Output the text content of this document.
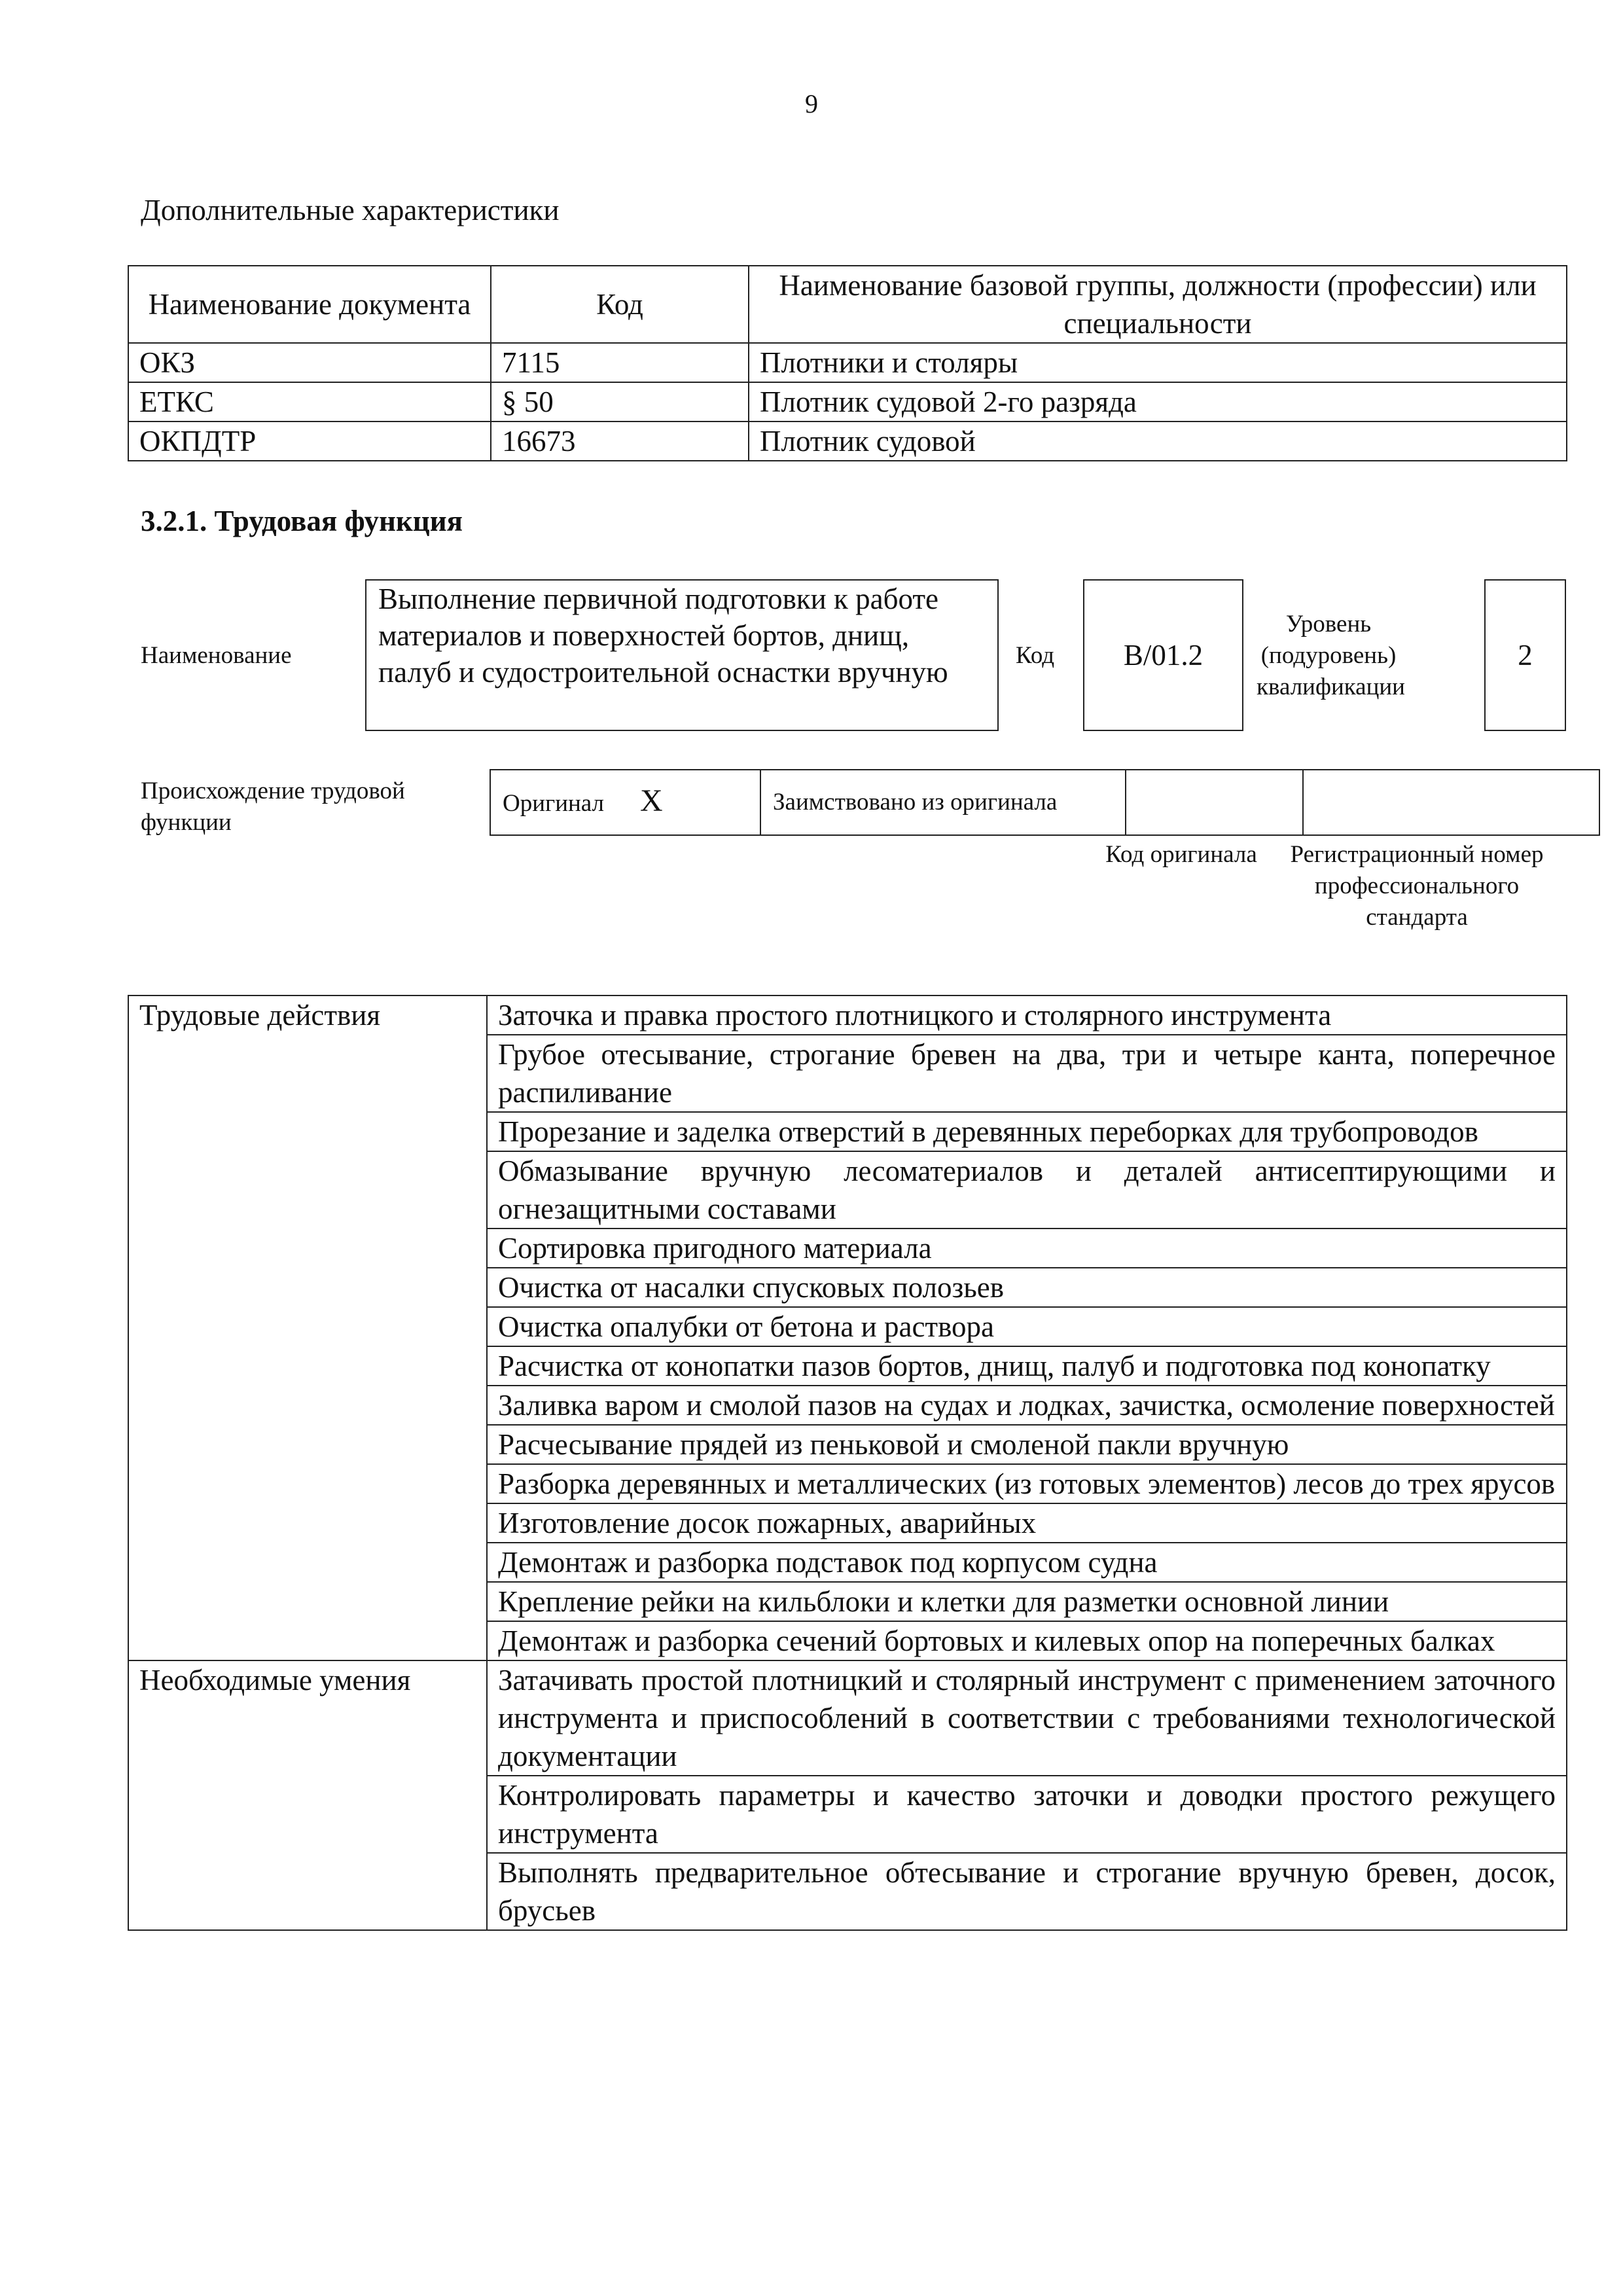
9
Дополнительные характеристики
Наименование документа	Код	Наименование базовой группы, должности (профессии) или специальности
ОКЗ	7115	Плотники и столяры
ЕТКС	§ 50	Плотник судовой 2-го разряда
ОКПДТР	16673	Плотник судовой
3.2.1. Трудовая функция
Наименование
Выполнение первичной подготовки к работе материалов и поверхностей бортов, днищ, палуб и судостроительной оснастки вручную
Код	B/01.2
Уровень (подуровень) квалификации
2
Происхождение трудовой функции
Оригинал X	Заимствовано из оригинала		
Код оригинала	Регистрационный номер профессионального стандарта
Трудовые действия	Заточка и правка простого плотницкого и столярного инструмента
	Грубое отесывание, строгание бревен на два, три и четыре канта, поперечное распиливание
	Прорезание и заделка отверстий в деревянных переборках для трубопроводов
	Обмазывание вручную лесоматериалов и деталей антисептирующими и огнезащитными составами
	Сортировка пригодного материала
	Очистка от насалки спусковых полозьев
	Очистка опалубки от бетона и раствора
	Расчистка от конопатки пазов бортов, днищ, палуб и подготовка под конопатку
	Заливка варом и смолой пазов на судах и лодках, зачистка, осмоление поверхностей
	Расчесывание прядей из пеньковой и смоленой пакли вручную
	Разборка деревянных и металлических (из готовых элементов) лесов до трех ярусов
	Изготовление досок пожарных, аварийных
	Демонтаж и разборка подставок под корпусом судна
	Крепление рейки на кильблоки и клетки для разметки основной линии
	Демонтаж и разборка сечений бортовых и килевых опор на поперечных балках
Необходимые умения	Затачивать простой плотницкий и столярный инструмент с применением заточного инструмента и приспособлений в соответствии с требованиями технологической документации
	Контролировать параметры и качество заточки и доводки простого режущего инструмента
	Выполнять предварительное обтесывание и строгание вручную бревен, досок, брусьев
